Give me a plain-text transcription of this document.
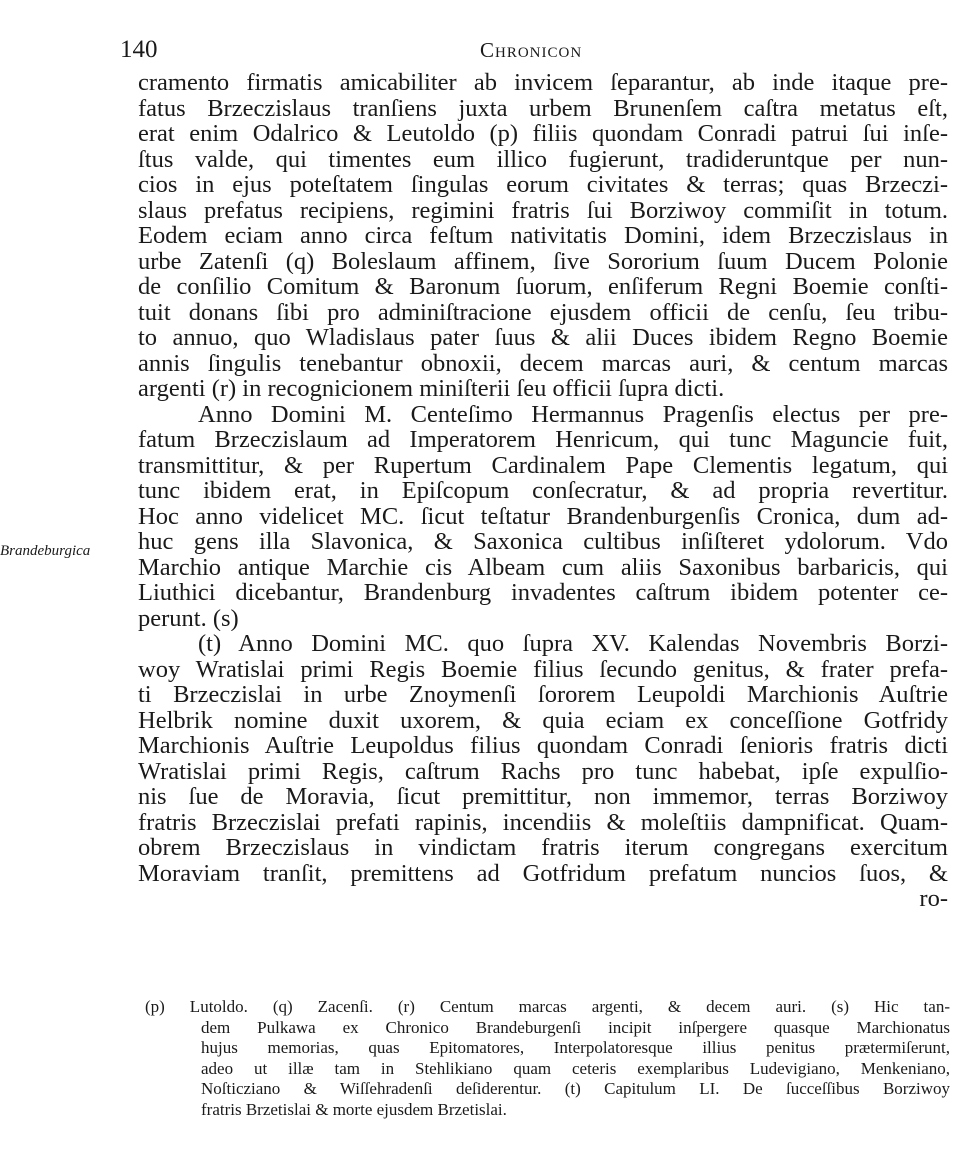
140	Chronicon
Brandeburgica
cramento firmatis amicabiliter ab invicem ſeparantur, ab inde itaque pre-
fatus Brzeczislaus tranſiens juxta urbem Brunenſem caſtra metatus eſt,
erat enim Odalrico & Leutoldo (p) filiis quondam Conradi patrui ſui inſe-
ſtus valde, qui timentes eum illico fugierunt, tradideruntque per nun-
cios in ejus poteſtatem ſingulas eorum civitates & terras; quas Brzeczi-
slaus prefatus recipiens, regimini fratris ſui Borziwoy commiſit in totum.
Eodem eciam anno circa feſtum nativitatis Domini, idem Brzeczislaus in
urbe Zatenſi (q) Boleslaum affinem, ſive Sororium ſuum Ducem Polonie
de conſilio Comitum & Baronum ſuorum, enſiferum Regni Boemie conſti-
tuit donans ſibi pro adminiſtracione ejusdem officii de cenſu, ſeu tribu-
to annuo, quo Wladislaus pater ſuus & alii Duces ibidem Regno Boemie
annis ſingulis tenebantur obnoxii, decem marcas auri, & centum marcas
argenti (r) in recognicionem miniſterii ſeu officii ſupra dicti.
Anno Domini M. Centeſimo Hermannus Pragenſis electus per pre-
fatum Brzeczislaum ad Imperatorem Henricum, qui tunc Maguncie fuit,
transmittitur, & per Rupertum Cardinalem Pape Clementis legatum, qui
tunc ibidem erat, in Epiſcopum conſecratur, & ad propria revertitur.
Hoc anno videlicet MC. ſicut teſtatur Brandenburgenſis Cronica, dum ad-
huc gens illa Slavonica, & Saxonica cultibus inſiſteret ydolorum. Vdo
Marchio antique Marchie cis Albeam cum aliis Saxonibus barbaricis, qui
Liuthici dicebantur, Brandenburg invadentes caſtrum ibidem potenter ce-
perunt. (s)
(t) Anno Domini MC. quo ſupra XV. Kalendas Novembris Borzi-
woy Wratislai primi Regis Boemie filius ſecundo genitus, & frater prefa-
ti Brzeczislai in urbe Znoymenſi ſororem Leupoldi Marchionis Auſtrie
Helbrik nomine duxit uxorem, & quia eciam ex conceſſione Gotfridy
Marchionis Auſtrie Leupoldus filius quondam Conradi ſenioris fratris dicti
Wratislai primi Regis, caſtrum Rachs pro tunc habebat, ipſe expulſio-
nis ſue de Moravia, ſicut premittitur, non immemor, terras Borziwoy
fratris Brzeczislai prefati rapinis, incendiis & moleſtiis dampnificat. Quam-
obrem Brzeczislaus in vindictam fratris iterum congregans exercitum
Moraviam tranſit, premittens ad Gotfridum prefatum nuncios ſuos, &
ro-
(p) Lutoldo. (q) Zacenſi. (r) Centum marcas argenti, & decem auri. (s) Hic tan-
dem Pulkawa ex Chronico Brandeburgenſi incipit inſpergere quasque Marchionatus
hujus memorias, quas Epitomatores, Interpolatoresque illius penitus prætermiſerunt,
adeo ut illæ tam in Stehlikiano quam ceteris exemplaribus Ludevigiano, Menkeniano,
Noſticziano & Wiſſehradenſi deſiderentur. (t) Capitulum LI. De ſucceſſibus Borziwoy
fratris Brzetislai & morte ejusdem Brzetislai.
